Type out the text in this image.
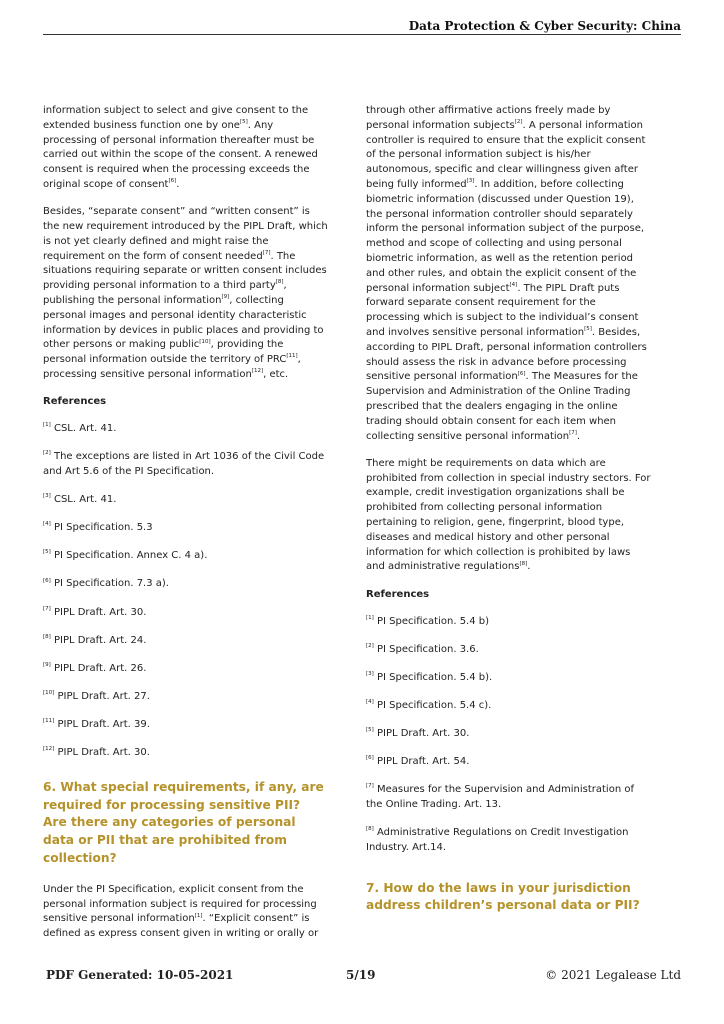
Data Protection & Cyber Security: China

information subject to select and give consent to the extended business function one by one[5]. Any processing of personal information thereafter must be carried out within the scope of the consent. A renewed consent is required when the processing exceeds the original scope of consent[6].

Besides, “separate consent” and “written consent” is the new requirement introduced by the PIPL Draft, which is not yet clearly defined and might raise the requirement on the form of consent needed[7]. The situations requiring separate or written consent includes providing personal information to a third party[8], publishing the personal information[9], collecting personal images and personal identity characteristic information by devices in public places and providing to other persons or making public[10], providing the personal information outside the territory of PRC[11], processing sensitive personal information[12], etc.

References
[1] CSL. Art. 41.
[2] The exceptions are listed in Art 1036 of the Civil Code and Art 5.6 of the PI Specification.
[3] CSL. Art. 41.
[4] PI Specification. 5.3
[5] PI Specification. Annex C. 4 a).
[6] PI Specification. 7.3 a).
[7] PIPL Draft. Art. 30.
[8] PIPL Draft. Art. 24.
[9] PIPL Draft. Art. 26.
[10] PIPL Draft. Art. 27.
[11] PIPL Draft. Art. 39.
[12] PIPL Draft. Art. 30.
6. What special requirements, if any, are required for processing sensitive PII? Are there any categories of personal data or PII that are prohibited from collection?

Under the PI Specification, explicit consent from the personal information subject is required for processing sensitive personal information[1]. “Explicit consent” is defined as express consent given in writing or orally or

through other affirmative actions freely made by personal information subjects[2]. A personal information controller is required to ensure that the explicit consent of the personal information subject is his/her autonomous, specific and clear willingness given after being fully informed[3]. In addition, before collecting biometric information (discussed under Question 19), the personal information controller should separately inform the personal information subject of the purpose, method and scope of collecting and using personal biometric information, as well as the retention period and other rules, and obtain the explicit consent of the personal information subject[4]. The PIPL Draft puts forward separate consent requirement for the processing which is subject to the individual’s consent and involves sensitive personal information[5]. Besides, according to PIPL Draft, personal information controllers should assess the risk in advance before processing sensitive personal information[6]. The Measures for the Supervision and Administration of the Online Trading prescribed that the dealers engaging in the online trading should obtain consent for each item when collecting sensitive personal information[7].

There might be requirements on data which are prohibited from collection in special industry sectors. For example, credit investigation organizations shall be prohibited from collecting personal information pertaining to religion, gene, fingerprint, blood type, diseases and medical history and other personal information for which collection is prohibited by laws and administrative regulations[8].

References
[1] PI Specification. 5.4 b)
[2] PI Specification. 3.6.
[3] PI Specification. 5.4 b).
[4] PI Specification. 5.4 c).
[5] PIPL Draft. Art. 30.
[6] PIPL Draft. Art. 54.
[7] Measures for the Supervision and Administration of the Online Trading. Art. 13.
[8] Administrative Regulations on Credit Investigation Industry. Art.14.
7. How do the laws in your jurisdiction address children’s personal data or PII?
PDF Generated: 10-05-2021	5/19	© 2021 Legalease Ltd
